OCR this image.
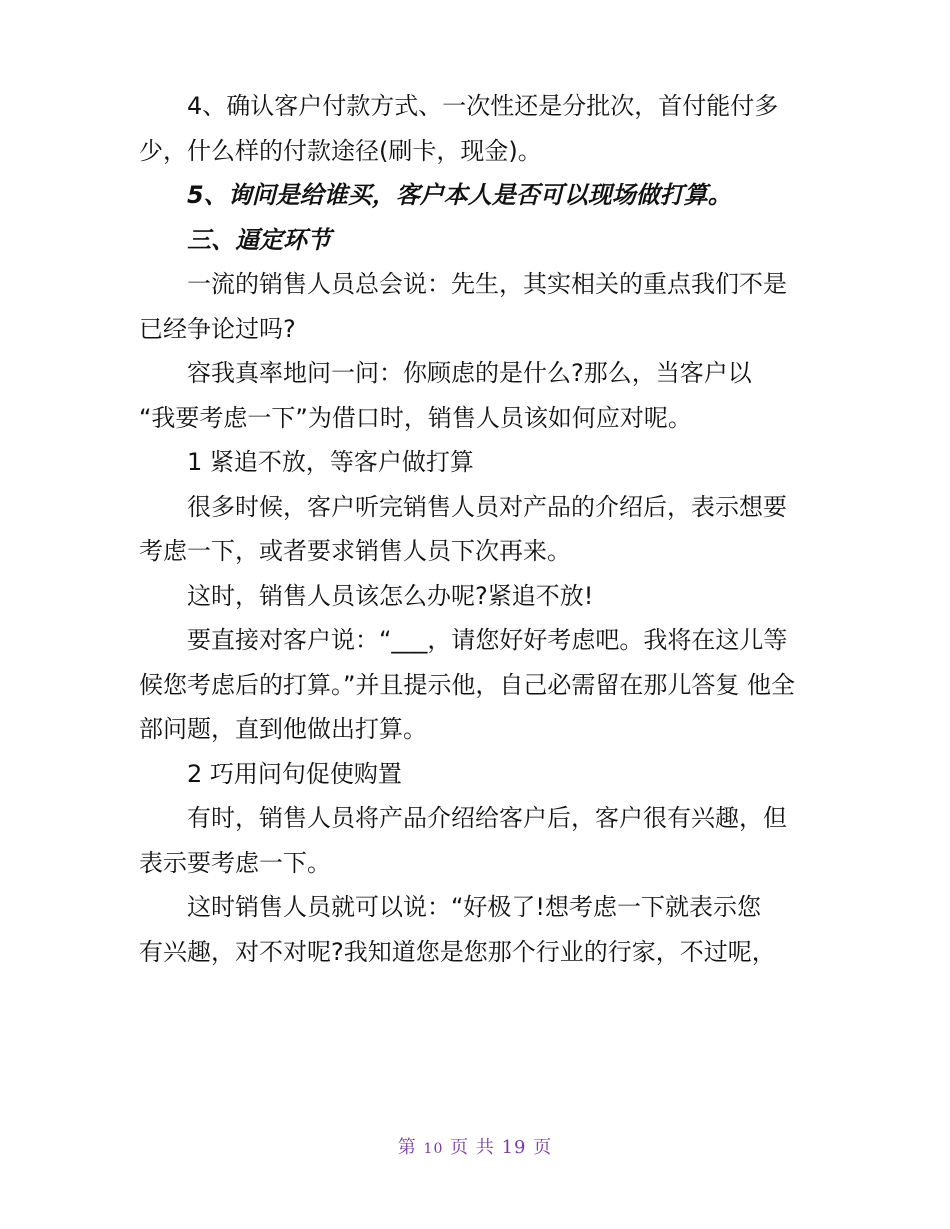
4、确认客户付款方式、一次性还是分批次，首付能付多

少，什么样的付款途径(刷卡，现金)。

5、询问是给谁买，客户本人是否可以现场做打算。

三、逼定环节

一流的销售人员总会说：先生，其实相关的重点我们不是

已经争论过吗?

容我真率地问一问：你顾虑的是什么?那么，当客户以

“我要考虑一下”为借口时，销售人员该如何应对呢。

1 紧追不放，等客户做打算

很多时候，客户听完销售人员对产品的介绍后，表示想要

考虑一下，或者要求销售人员下次再来。

这时，销售人员该怎么办呢?紧追不放!

要直接对客户说：“___，请您好好考虑吧。我将在这儿等

候您考虑后的打算。”并且提示他，自己必需留在那儿答复 他全

部问题，直到他做出打算。

2 巧用问句促使购置

有时，销售人员将产品介绍给客户后，客户很有兴趣，但

表示要考虑一下。

这时销售人员就可以说：“好极了!想考虑一下就表示您

有兴趣，对不对呢?我知道您是您那个行业的行家，不过呢，

第 10 页 共 19 页
